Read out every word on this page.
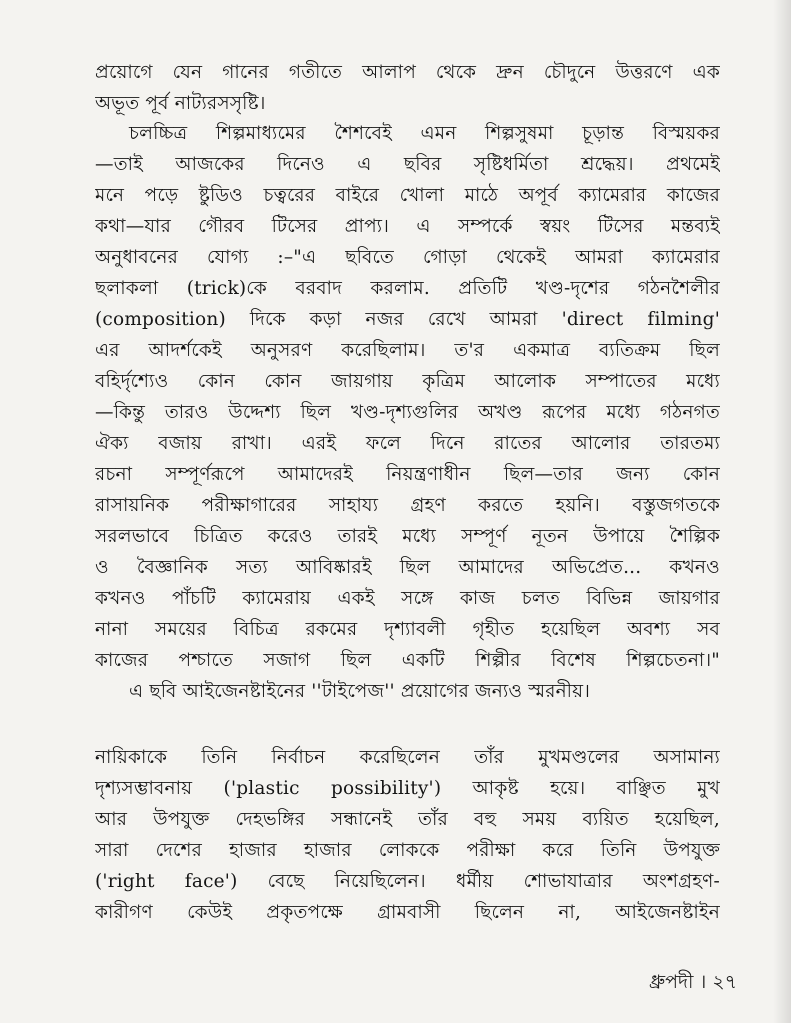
প্রয়োগে যেন গানের গতীতে আলাপ থেকে দ্রুন চৌদুনে উত্তরণে এক
অভূত পূর্ব নাট্যরসসৃষ্টি।
চলচ্চিত্র শিল্পমাধ্যমের শৈশবেই এমন শিল্পসুষমা চূড়ান্ত বিস্ময়কর
—তাই আজকের দিনেও এ ছবির সৃষ্টিধর্মিতা শ্রদ্ধেয়। প্রথমেই
মনে পড়ে ষ্টুডিও চত্বরের বাইরে খোলা মাঠে অপূর্ব ক্যামেরার কাজের
কথা—যার গৌরব টিসের প্রাপ্য। এ সম্পর্কে স্বয়ং টিসের মন্তব্যই
অনুধাবনের যোগ্য :–"এ ছবিতে গোড়া থেকেই আমরা ক্যামেরার
ছলাকলা (trick)কে বরবাদ করলাম. প্রতিটি খণ্ড-দৃশের গঠনশৈলীর
(composition) দিকে কড়া নজর রেখে আমরা 'direct filming'
এর আদর্শকেই অনুসরণ করেছিলাম। ত'র একমাত্র ব্যতিক্রম ছিল
বহির্দৃশ্যেও কোন কোন জায়গায় কৃত্রিম আলোক সম্পাতের মধ্যে
—কিন্তু তারও উদ্দেশ্য ছিল খণ্ড-দৃশ্যগুলির অখণ্ড রূপের মধ্যে গঠনগত
ঐক্য বজায় রাখা। এরই ফলে দিনে রাতের আলোর তারতম্য
রচনা সম্পূর্ণরূপে আমাদেরই নিয়ন্ত্রণাধীন ছিল—তার জন্য কোন
রাসায়নিক পরীক্ষাগারের সাহায্য গ্রহণ করতে হয়নি। বস্তুজগতকে
সরলভাবে চিত্রিত করেও তারই মধ্যে সম্পূর্ণ নূতন উপায়ে শৈল্পিক
ও বৈজ্ঞানিক সত্য আবিষ্কারই ছিল আমাদের অভিপ্রেত... কখনও
কখনও পাঁচটি ক্যামেরায় একই সঙ্গে কাজ চলত বিভিন্ন জায়গার
নানা সময়ের বিচিত্র রকমের দৃশ্যাবলী গৃহীত হয়েছিল অবশ্য সব
কাজের পশ্চাতে সজাগ ছিল একটি শিল্পীর বিশেষ শিল্পচেতনা।"
এ ছবি আইজেনষ্টাইনের ''টাইপেজ'' প্রয়োগের জন্যও স্মরনীয়।
নায়িকাকে তিনি নির্বাচন করেছিলেন তাঁর মুখমণ্ডলের অসামান্য
দৃশ্যসম্ভাবনায় ('plastic possibility') আকৃষ্ট হয়ে। বাঞ্ছিত মুখ
আর উপযুক্ত দেহভঙ্গির সন্ধানেই তাঁর বহু সময় ব্যয়িত হয়েছিল,
সারা দেশের হাজার হাজার লোককে পরীক্ষা করে তিনি উপযুক্ত
('right face') বেছে নিয়েছিলেন। ধর্মীয় শোভাযাত্রার অংশগ্রহণ-
কারীগণ কেউই প্রকৃতপক্ষে গ্রামবাসী ছিলেন না, আইজেনষ্টাইন
ধ্রুপদী । ২৭
